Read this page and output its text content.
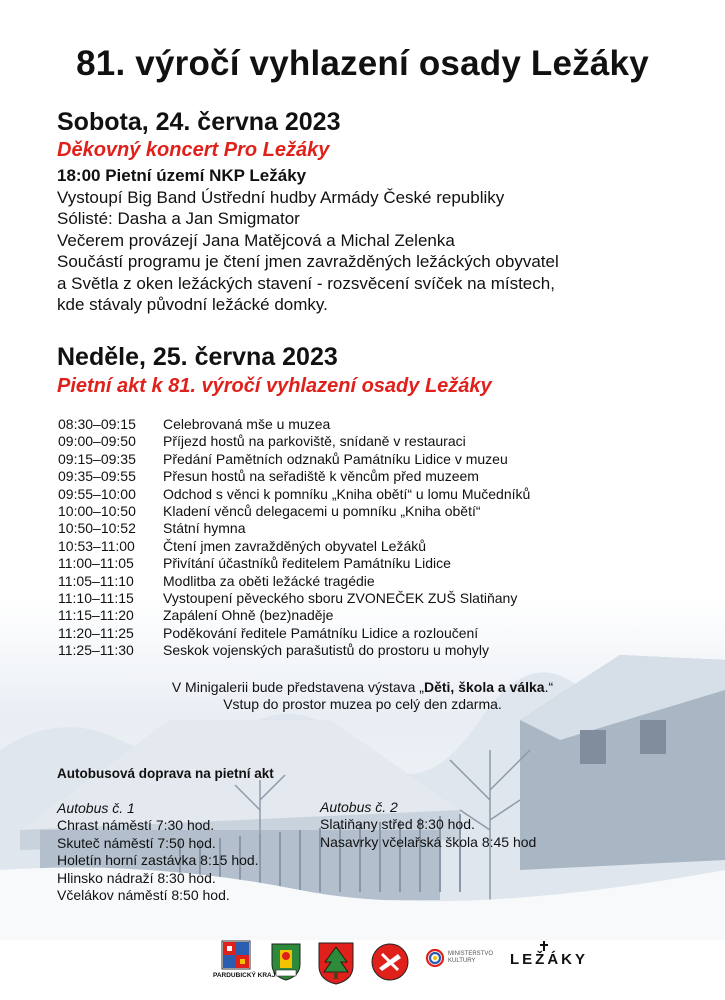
81. výročí vyhlazení osady Ležáky
Sobota, 24. června 2023
Děkovný koncert Pro Ležáky
18:00 Pietní území NKP Ležáky
Vystoupí Big Band Ústřední hudby Armády České republiky
Sólisté: Dasha a Jan Smigmator
Večerem provázejí Jana Matějcová a Michal Zelenka
Součástí programu je čtení jmen zavražděných ležáckých obyvatel
a Světla z oken ležáckých stavení - rozsvěcení svíček na místech,
kde stávaly původní ležácké domky.
Neděle, 25. června 2023
Pietní akt k 81. výročí vyhlazení osady Ležáky
08:30–09:15	Celebrovaná mše u muzea
09:00–09:50	Příjezd hostů na parkoviště, snídaně v restauraci
09:15–09:35	Předání Pamětních odznaků Památníku Lidice v muzeu
09:35–09:55	Přesun hostů na seřadiště k věncům před muzeem
09:55–10:00	Odchod s věnci k pomníku „Kniha obětí“ u lomu Mučedníků
10:00–10:50	Kladení věnců delegacemi u pomníku „Kniha obětí“
10:50–10:52	Státní hymna
10:53–11:00	Čtení jmen zavražděných obyvatel Ležáků
11:00–11:05	Přivítání účastníků ředitelem Památníku Lidice
11:05–11:10	Modlitba za oběti ležácké tragédie
11:10–11:15	Vystoupení pěveckého sboru ZVONEČEK ZUŠ Slatiňany
11:15–11:20	Zapálení Ohně (bez)naděje
11:20–11:25	Poděkování ředitele Památníku Lidice a rozloučení
11:25–11:30	Seskok vojenských parašutistů do prostoru u mohyly
V Minigalerii bude představena výstava „Děti, škola a válka.“
Vstup do prostor muzea po celý den zdarma.
Autobusová doprava na pietní akt
Autobus č. 1
Chrast náměstí 7:30 hod.
Skuteč náměstí 7:50 hod.
Holetín horní zastávka 8:15 hod.
Hlinsko nádraží 8:30 hod.
Včelákov náměstí 8:50 hod.
Autobus č. 2
Slatiňany střed 8:30 hod.
Nasavrky včelařská škola 8:45 hod
PARDUBICKÝ KRAJ
MINISTERSTVO
KULTURY	LEŽÁKY
